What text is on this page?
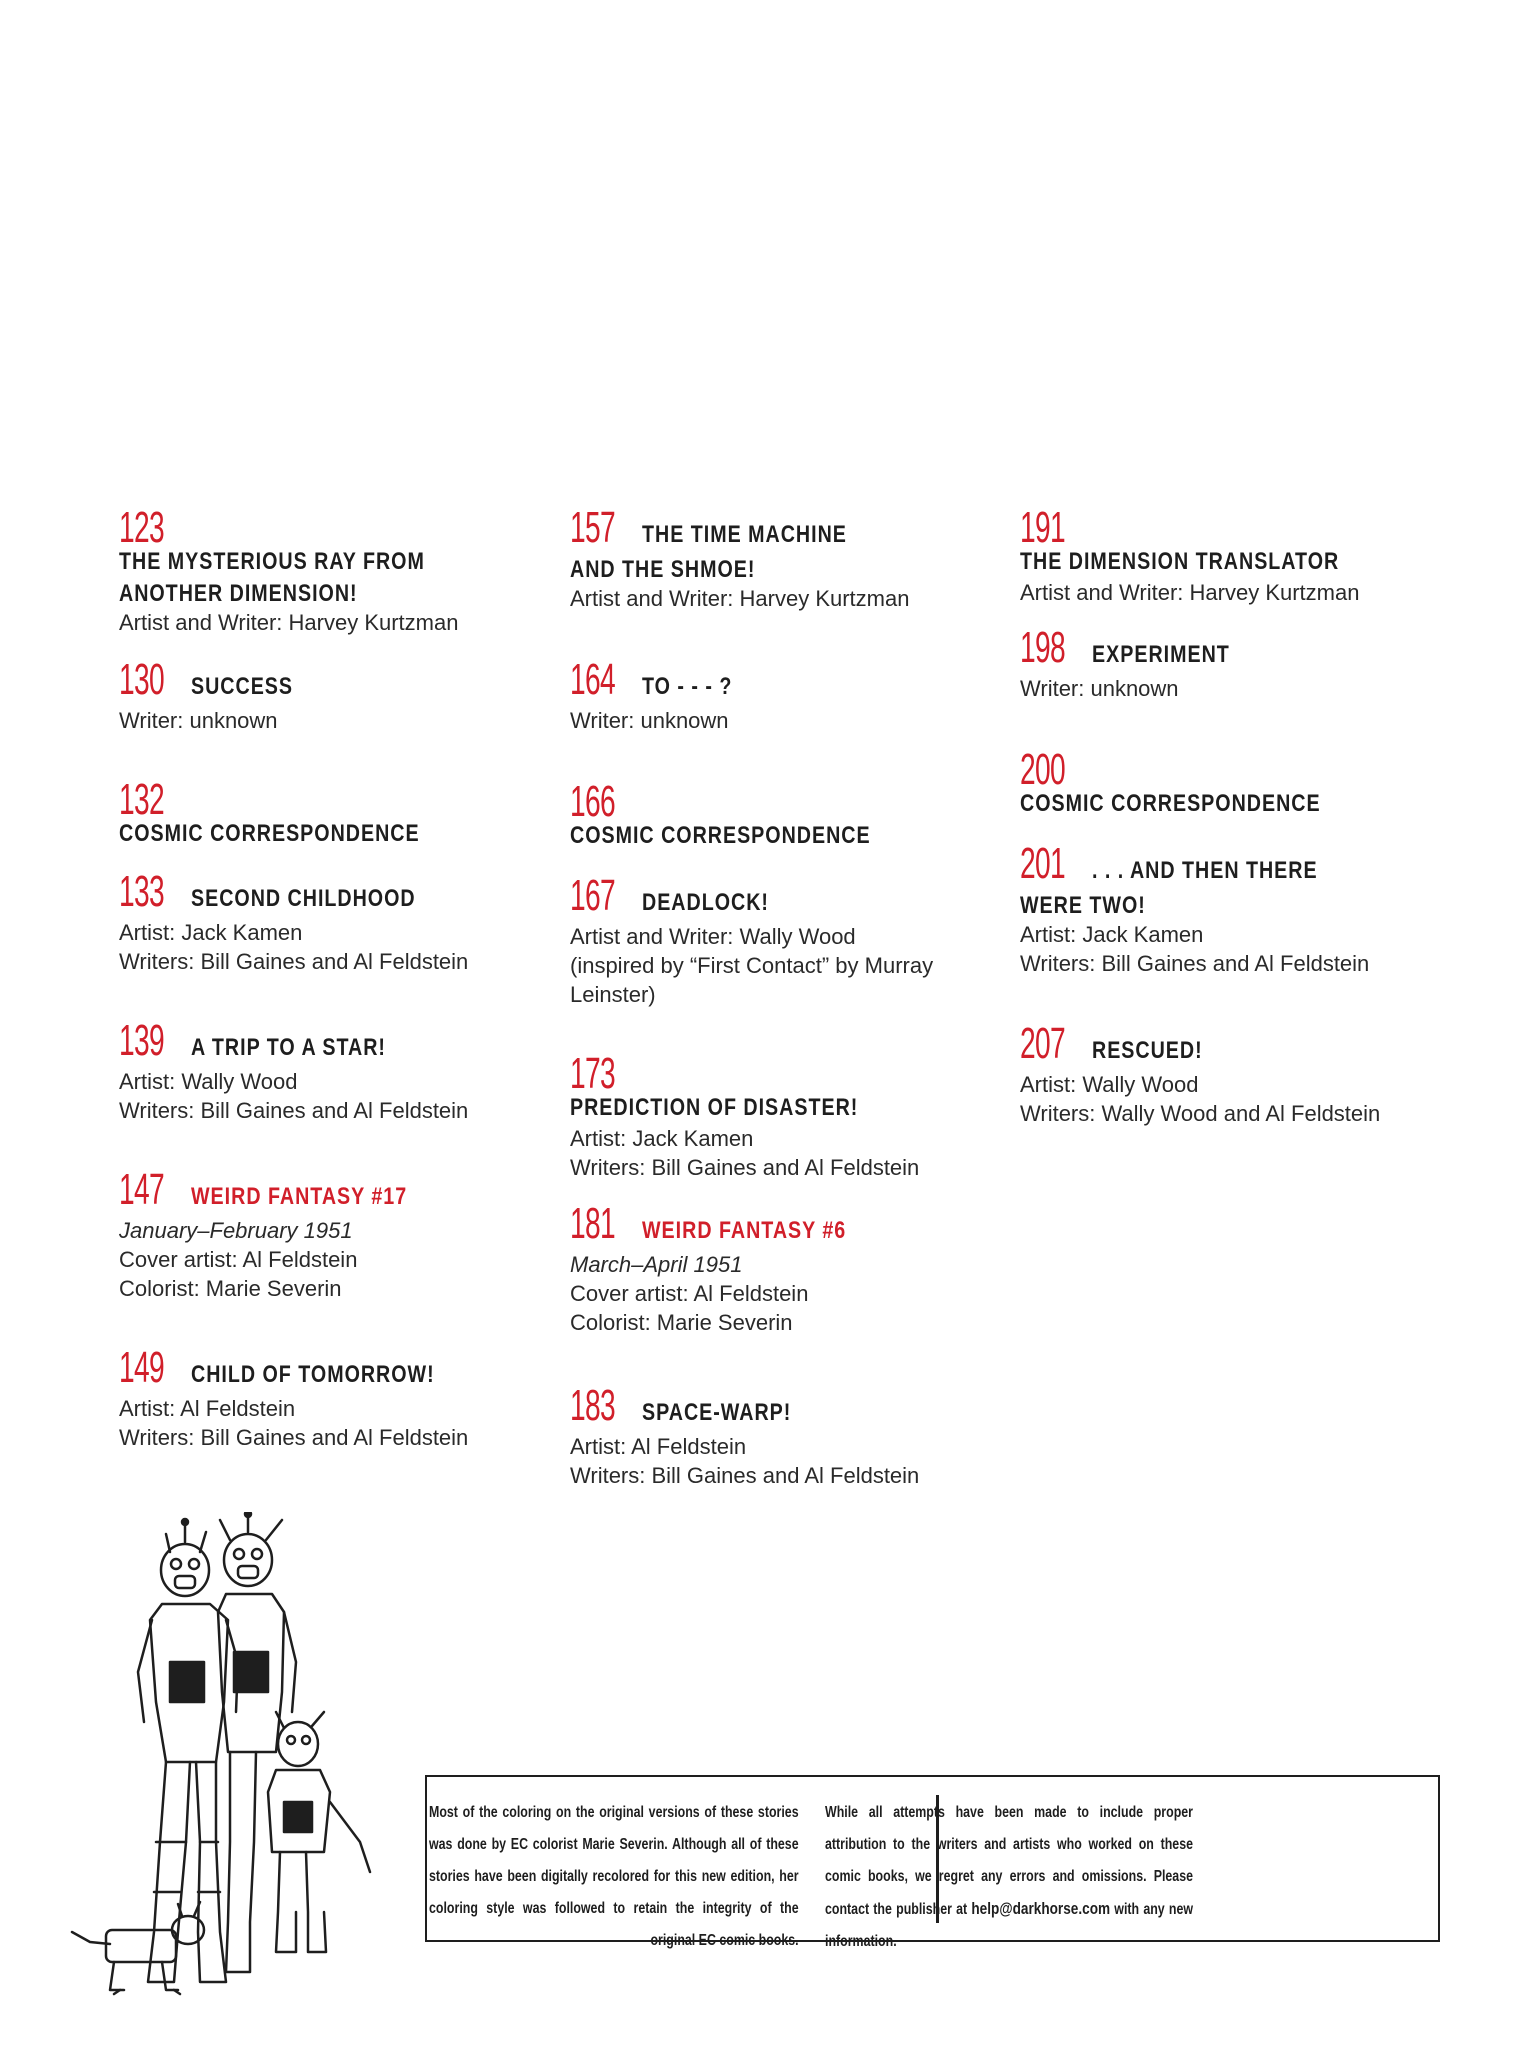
123THE MYSTERIOUS RAY FROM
ANOTHER DIMENSION!
Artist and Writer: Harvey Kurtzman
130 SUCCESS
Writer: unknown
132COSMIC CORRESPONDENCE
133 SECOND CHILDHOOD
Artist: Jack Kamen
Writers: Bill Gaines and Al Feldstein
139 A TRIP TO A STAR!
Artist: Wally Wood
Writers: Bill Gaines and Al Feldstein
147 WEIRD FANTASY #17
January–February 1951
Cover artist: Al Feldstein
Colorist: Marie Severin
149 CHILD OF TOMORROW!
Artist: Al Feldstein
Writers: Bill Gaines and Al Feldstein
157 THE TIME MACHINE
AND THE SHMOE!
Artist and Writer: Harvey Kurtzman
164 TO - - - ?
Writer: unknown
166COSMIC CORRESPONDENCE
167 DEADLOCK!
Artist and Writer: Wally Wood
(inspired by “First Contact” by Murray
Leinster)
173PREDICTION OF DISASTER!
Artist: Jack Kamen
Writers: Bill Gaines and Al Feldstein
181 WEIRD FANTASY #6
March–April 1951
Cover artist: Al Feldstein
Colorist: Marie Severin
183 SPACE-WARP!
Artist: Al Feldstein
Writers: Bill Gaines and Al Feldstein
191THE DIMENSION TRANSLATOR
Artist and Writer: Harvey Kurtzman
198 EXPERIMENT
Writer: unknown
200COSMIC CORRESPONDENCE
201 . . . AND THEN THERE
WERE TWO!
Artist: Jack Kamen
Writers: Bill Gaines and Al Feldstein
207 RESCUED!
Artist: Wally Wood
Writers: Wally Wood and Al Feldstein
Most of the coloring on the original versions of these stories was done by EC colorist Marie Severin. Although all of these stories have been digitally recolored for this new edition, her coloring style was followed to retain the integrity of the original EC comic books.
While all attempts have been made to include proper attribution to the writers and artists who worked on these comic books, we regret any errors and omissions. Please contact the publisher at help@darkhorse.com with any new information.
